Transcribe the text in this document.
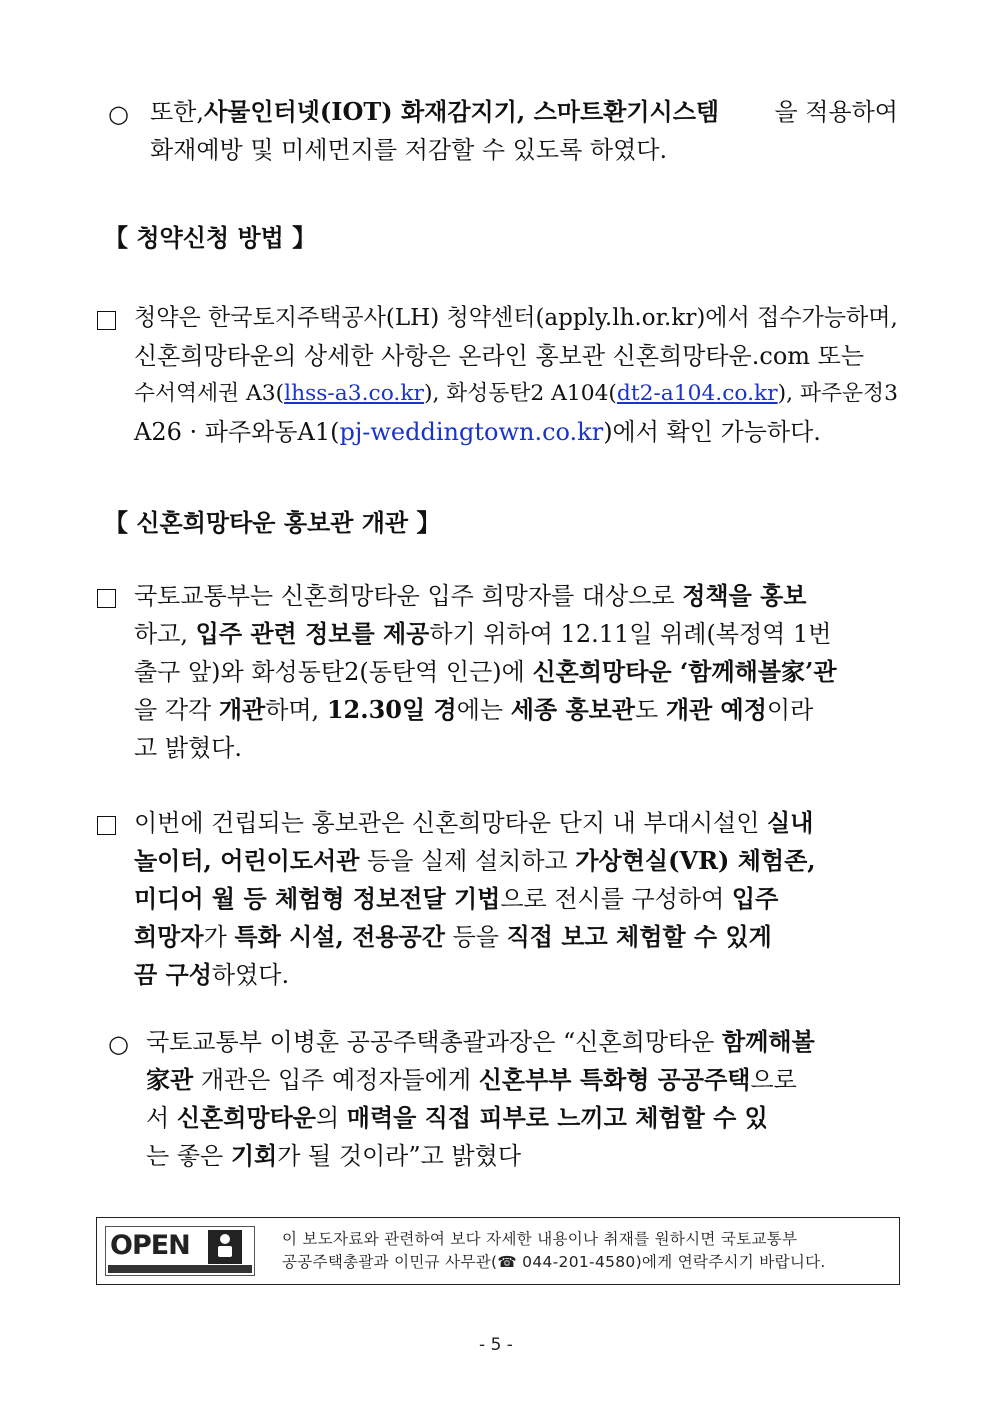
○ 또한, 사물인터넷(IOT) 화재감지기, 스마트환기시스템 을 적용하여
화재예방 및 미세먼지를 저감할 수 있도록 하였다.
【 청약신청 방법 】
청약은 한국토지주택공사(LH) 청약센터(apply.lh.or.kr)에서 접수가능하며,
신혼희망타운의 상세한 사항은 온라인 홍보관 신혼희망타운.com 또는
수서역세권 A3( lhss-a3.co.kr ), 화성동탄2 A104( dt2-a104.co.kr ), 파주운정3
A26 · 파주와동A1(pj-weddingtown.co.kr)에서 확인 가능하다.
【 신혼희망타운 홍보관 개관 】
국토교통부는 신혼희망타운 입주 희망자를 대상으로 정책을 홍보
하고, 입주 관련 정보를 제공하기 위하여 12.11일 위례(복정역 1번
출구 앞)와 화성동탄2(동탄역 인근)에 신혼희망타운 ‘함께해볼家’관
을 각각 개관하며, 12.30일 경에는 세종 홍보관도 개관 예정이라
고 밝혔다.
이번에 건립되는 홍보관은 신혼희망타운 단지 내 부대시설인 실내
놀이터, 어린이도서관 등을 실제 설치하고 가상현실(VR) 체험존,
미디어 월 등 체험형 정보전달 기법으로 전시를 구성하여 입주
희망자가 특화 시설, 전용공간 등을 직접 보고 체험할 수 있게
끔 구성하였다.
○ 국토교통부 이병훈 공공주택총괄과장은 “신혼희망타운 함께해볼
家관 개관은 입주 예정자들에게 신혼부부 특화형 공공주택으로
서 신혼희망타운의 매력을 직접 피부로 느끼고 체험할 수 있
는 좋은 기회가 될 것이라”고 밝혔다
OPEN	이 보도자료와 관련하여 보다 자세한 내용이나 취재를 원하시면 국토교통부
공공주택총괄과 이민규 사무관(☎ 044-201-4580)에게 연락주시기 바랍니다.
- 5 -
